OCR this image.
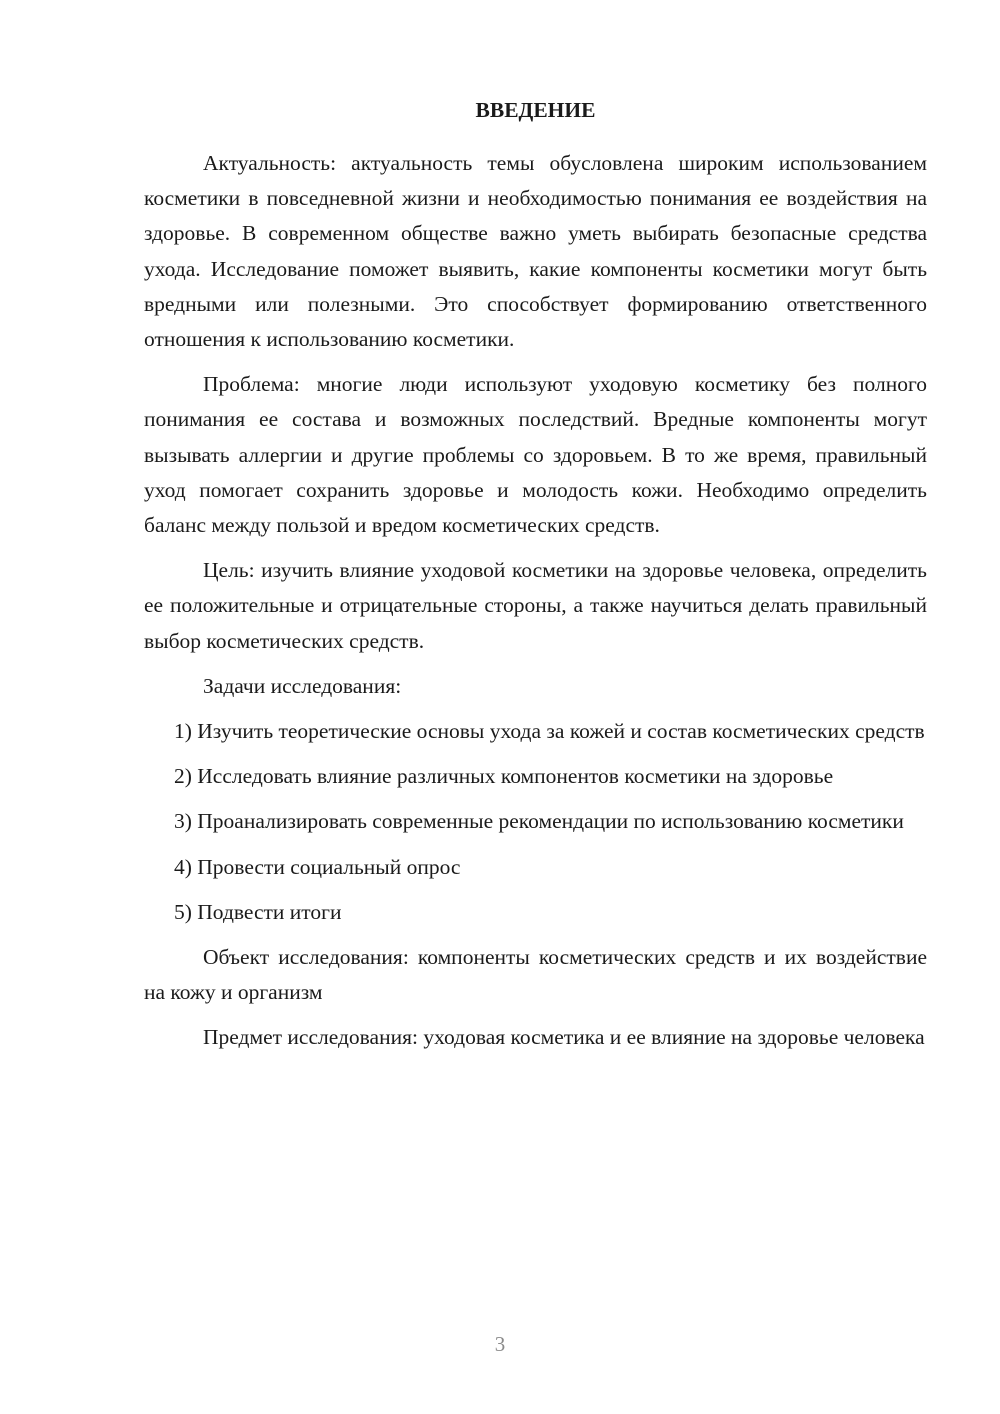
ВВЕДЕНИЕ

Актуальность: актуальность темы обусловлена широким использованием косметики в повседневной жизни и необходимостью понимания ее воздействия на здоровье. В современном обществе важно уметь выбирать безопасные средства ухода. Исследование поможет выявить, какие компоненты косметики могут быть вредными или полезными. Это способствует формированию ответственного отношения к использованию косметики.

Проблема: многие люди используют уходовую косметику без полного понимания ее состава и возможных последствий. Вредные компоненты могут вызывать аллергии и другие проблемы со здоровьем. В то же время, правильный уход помогает сохранить здоровье и молодость кожи. Необходимо определить баланс между пользой и вредом косметических средств.

Цель: изучить влияние уходовой косметики на здоровье человека, определить ее положительные и отрицательные стороны, а также научиться делать правильный выбор косметических средств.

Задачи исследования:

1) Изучить теоретические основы ухода за кожей и состав косметических средств

2) Исследовать влияние различных компонентов косметики на здоровье

3) Проанализировать современные рекомендации по использованию косметики

4) Провести социальный опрос

5) Подвести итоги

Объект исследования: компоненты косметических средств и их воздействие на кожу и организм

Предмет исследования: уходовая косметика и ее влияние на здоровье человека

3
